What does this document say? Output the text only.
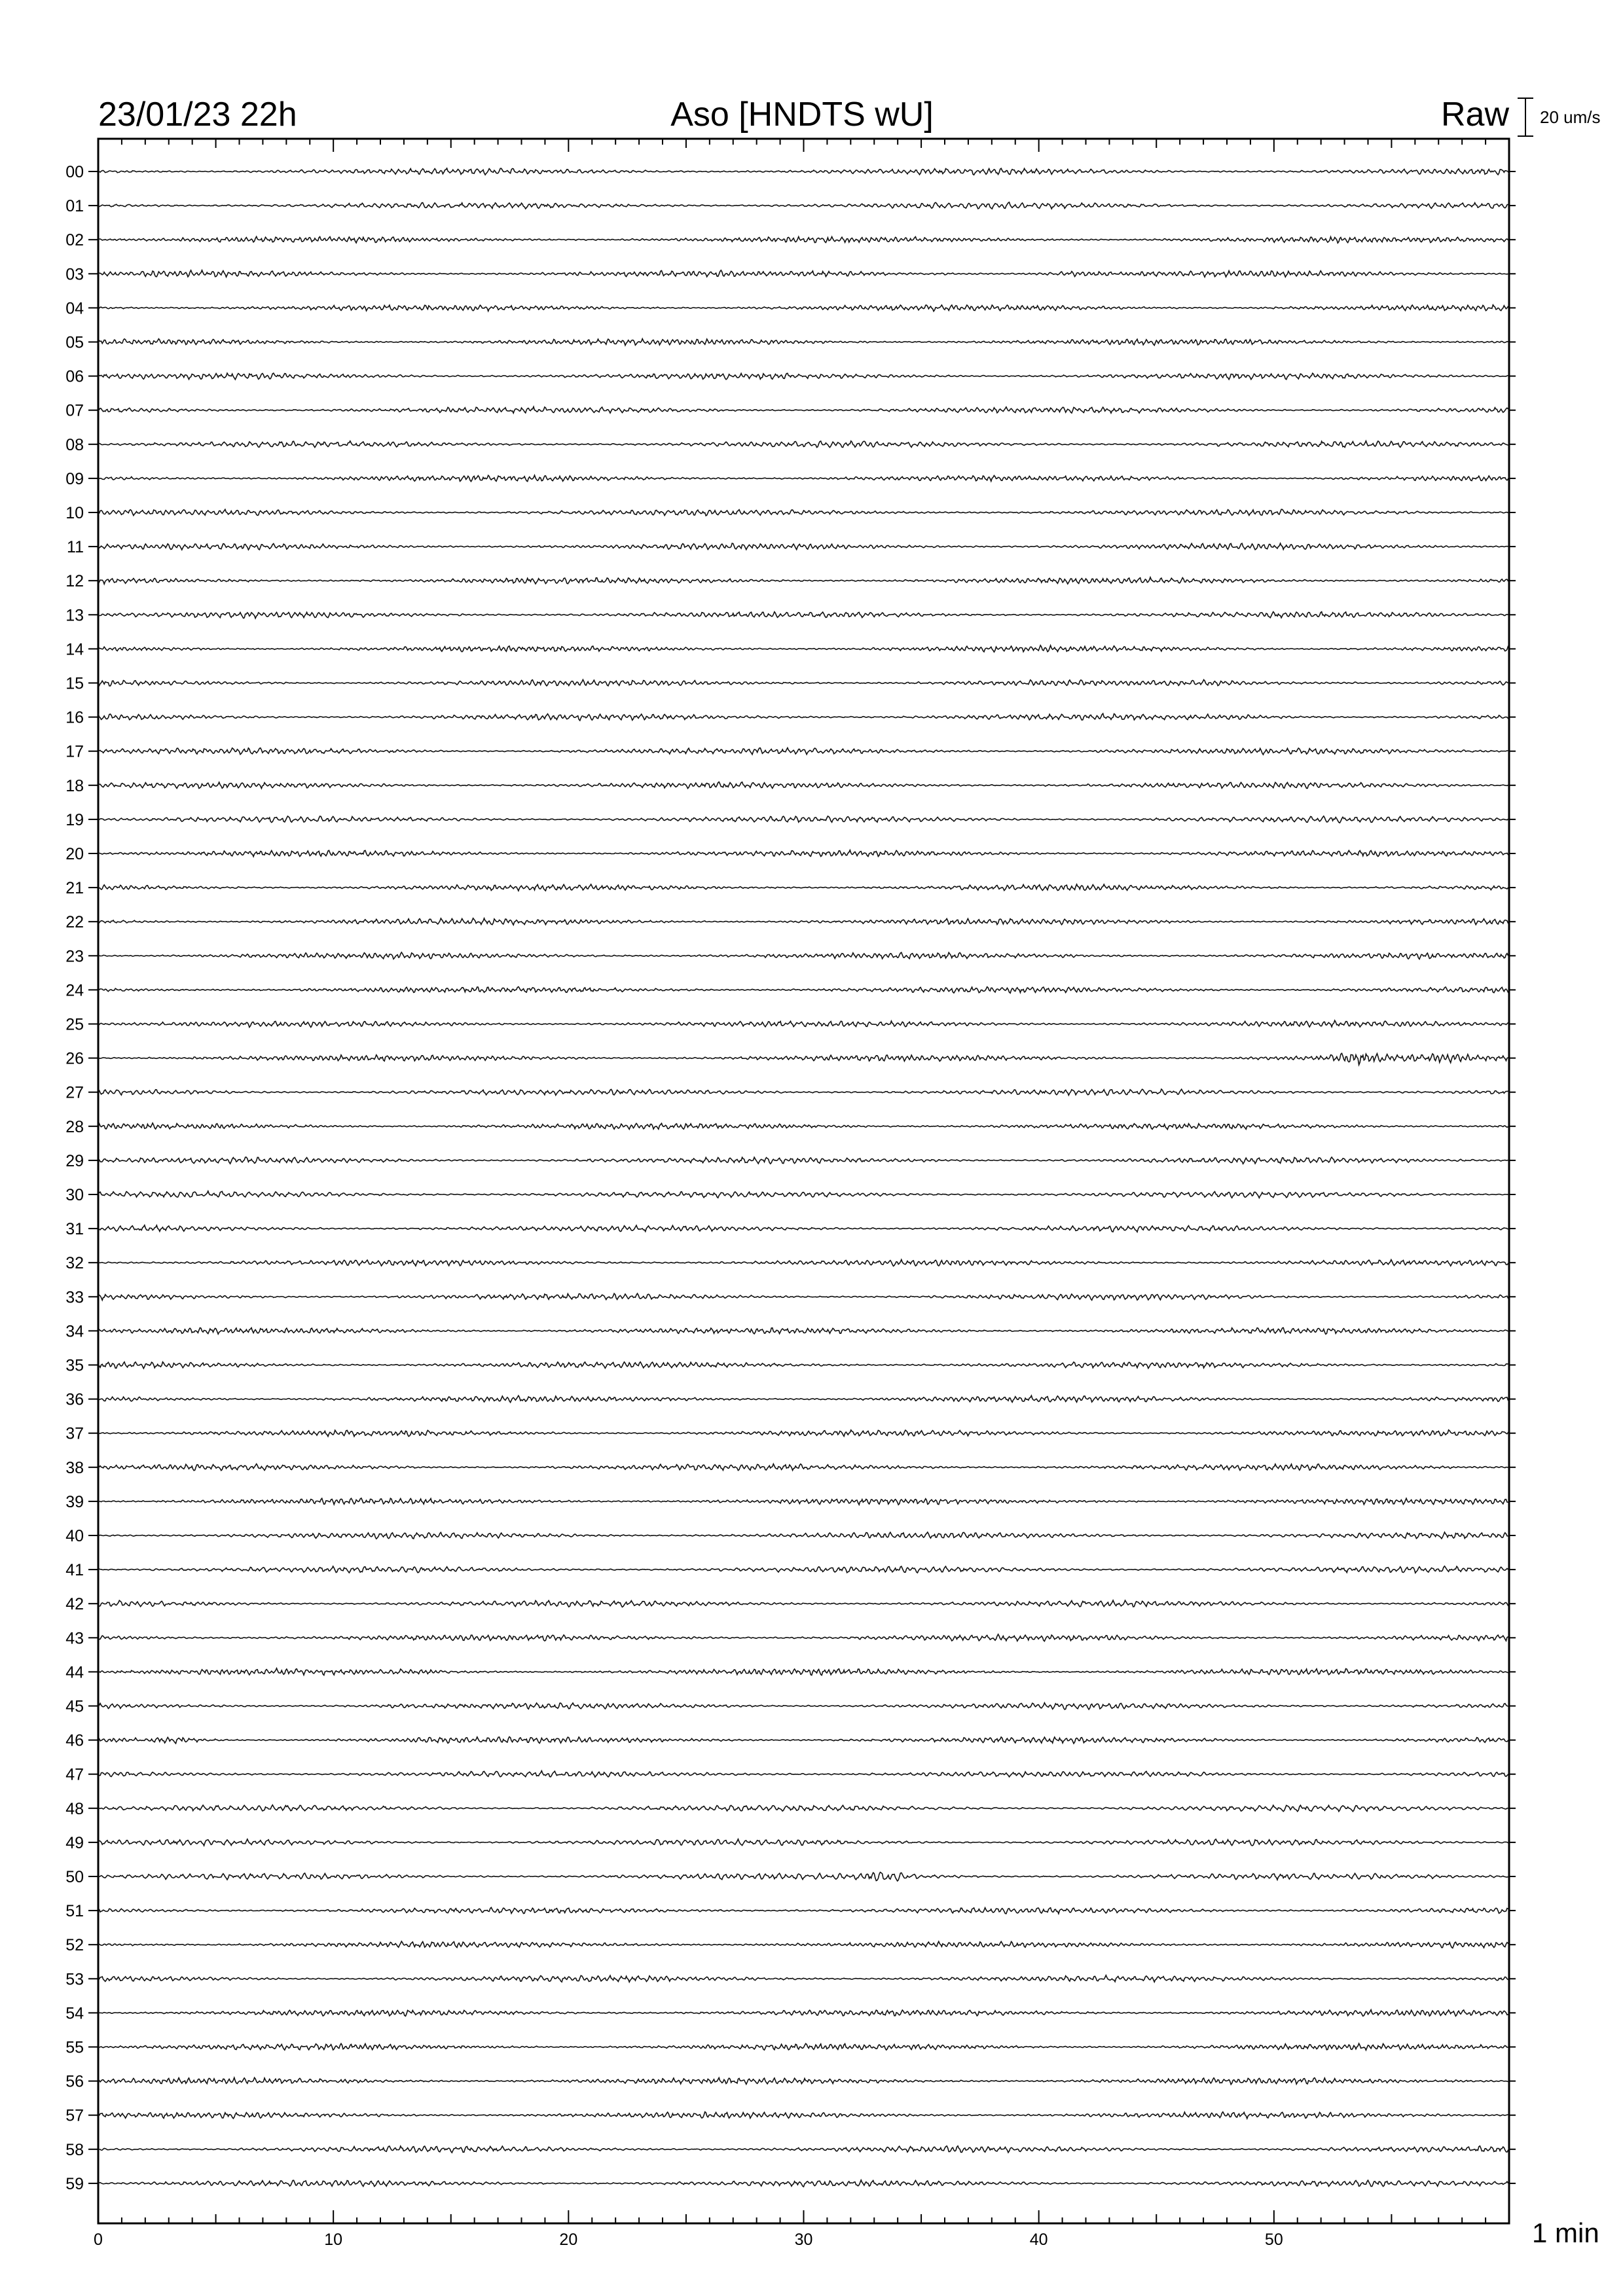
23/01/23 22h	Aso [HNDTS wU]	Raw 20 um/s
0	10	20	30	40	50
00
01
02
03
04
05
06
07
08
09
10
11
12
13
14
15
16
17
18
19
20
21
22
23
24
25
26
27
28
29
30
31
32
33
34
35
36
37
38
39
40
41
42
43
44
45
46
47
48
49
50
51
52
53
54
55
56
57
58
59
1 min
